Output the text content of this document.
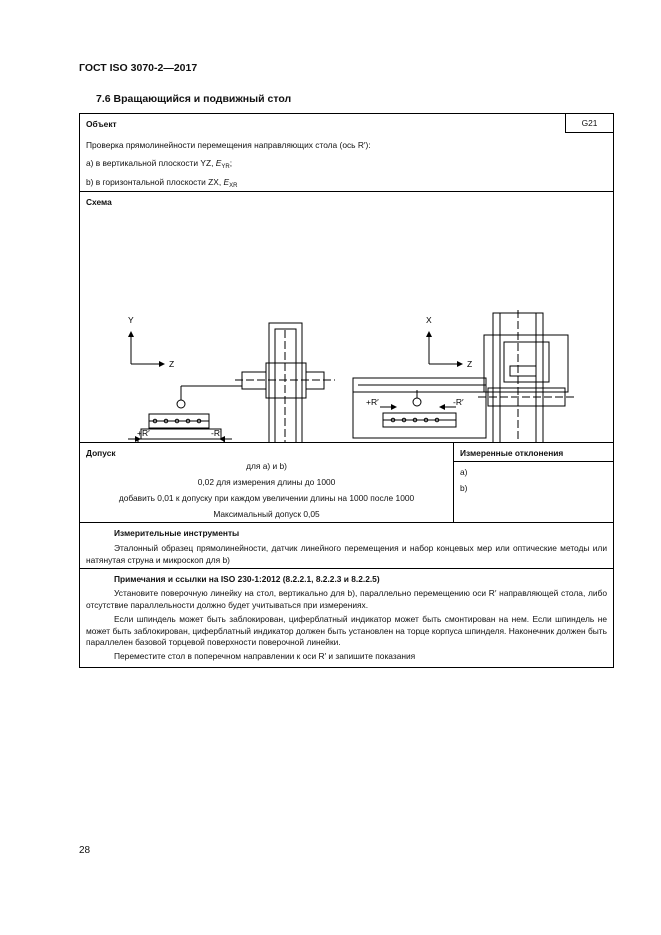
ГОСТ ISO 3070-2—2017
7.6 Вращающийся и подвижный стол
Объект	G21
Проверка прямолинейности перемещения направляющих стола (ось R′):
а) в вертикальной плоскости YZ, $E_{YR}$;
b) в горизонтальной плоскости ZX, $E_{XR}$
Схема
Y
Z
+R′	-R′
X
Z
+R′	-R′
Допуск
для а) и b)
0,02 для измерения длины до 1000
добавить 0,01 к допуску при каждом увеличении длины на 1000 после 1000
Максимальный допуск 0,05
Измеренные отклонения
а)
b)
Измерительные инструменты
Эталонный образец прямолинейности, датчик линейного перемещения и набор концевых мер или оптические методы или натянутая струна и микроскоп для b)
Примечания и ссылки на ISO 230-1:2012 (8.2.2.1, 8.2.2.3 и 8.2.2.5)
Установите поверочную линейку на стол, вертикально для b), параллельно перемещению оси R′ направляющей стола, либо отсутствие параллельности должно будет учитываться при измерениях.
Если шпиндель может быть заблокирован, циферблатный индикатор может быть смонтирован на нем. Если шпиндель не может быть заблокирован, циферблатный индикатор должен быть установлен на торце корпуса шпинделя. Наконечник должен быть параллелен базовой торцевой поверхности поверочной линейки.
Переместите стол в поперечном направлении к оси R′ и запишите показания
28
